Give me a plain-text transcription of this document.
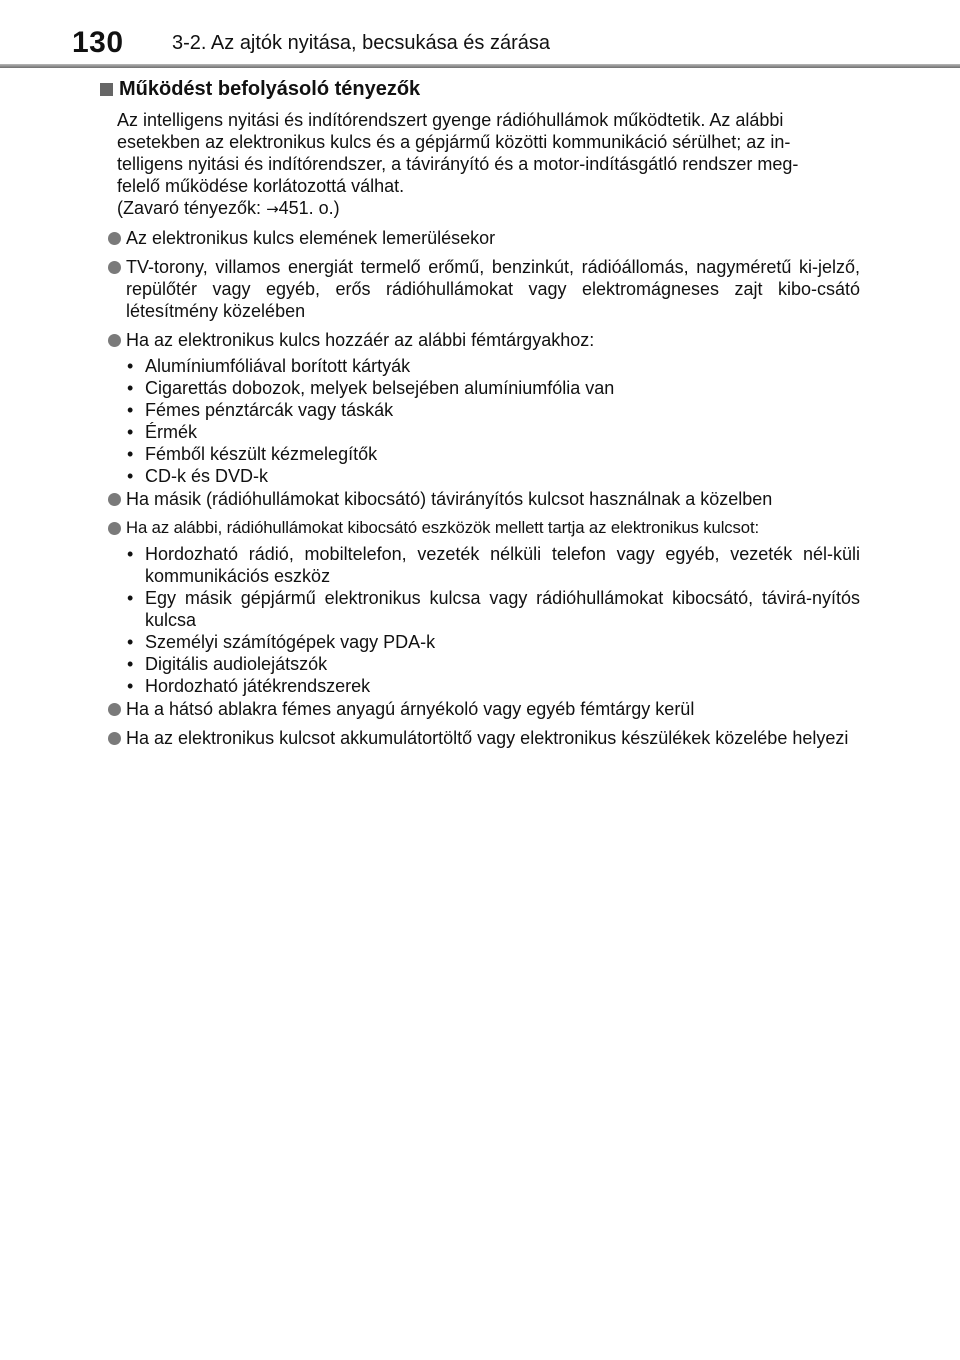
130 3-2. Az ajtók nyitása, becsukása és zárása
Működést befolyásoló tényezők
Az intelligens nyitási és indítórendszert gyenge rádióhullámok működtetik. Az alábbi
esetekben az elektronikus kulcs és a gépjármű közötti kommunikáció sérülhet; az in-
telligens nyitási és indítórendszer, a távirányító és a motor-indításgátló rendszer meg-
felelő működése korlátozottá válhat.
(Zavaró tényezők: →451. o.)
Az elektronikus kulcs elemének lemerülésekor
TV-torony, villamos energiát termelő erőmű, benzinkút, rádióállomás, nagyméretű ki-jelző, repülőtér vagy egyéb, erős rádióhullámokat vagy elektromágneses zajt kibo-csátó létesítmény közelében
Ha az elektronikus kulcs hozzáér az alábbi fémtárgyakhoz:
• Alumíniumfóliával borított kártyák
• Cigarettás dobozok, melyek belsejében alumíniumfólia van
• Fémes pénztárcák vagy táskák
• Érmék
• Fémből készült kézmelegítők
• CD-k és DVD-k
Ha másik (rádióhullámokat kibocsátó) távirányítós kulcsot használnak a közelben
Ha az alábbi, rádióhullámokat kibocsátó eszközök mellett tartja az elektronikus kulcsot:
• Hordozható rádió, mobiltelefon, vezeték nélküli telefon vagy egyéb, vezeték nél-küli kommunikációs eszköz
• Egy másik gépjármű elektronikus kulcsa vagy rádióhullámokat kibocsátó, távirá-nyítós kulcsa
• Személyi számítógépek vagy PDA-k
• Digitális audiolejátszók
• Hordozható játékrendszerek
Ha a hátsó ablakra fémes anyagú árnyékoló vagy egyéb fémtárgy kerül
Ha az elektronikus kulcsot akkumulátortöltő vagy elektronikus készülékek közelébe helyezi
